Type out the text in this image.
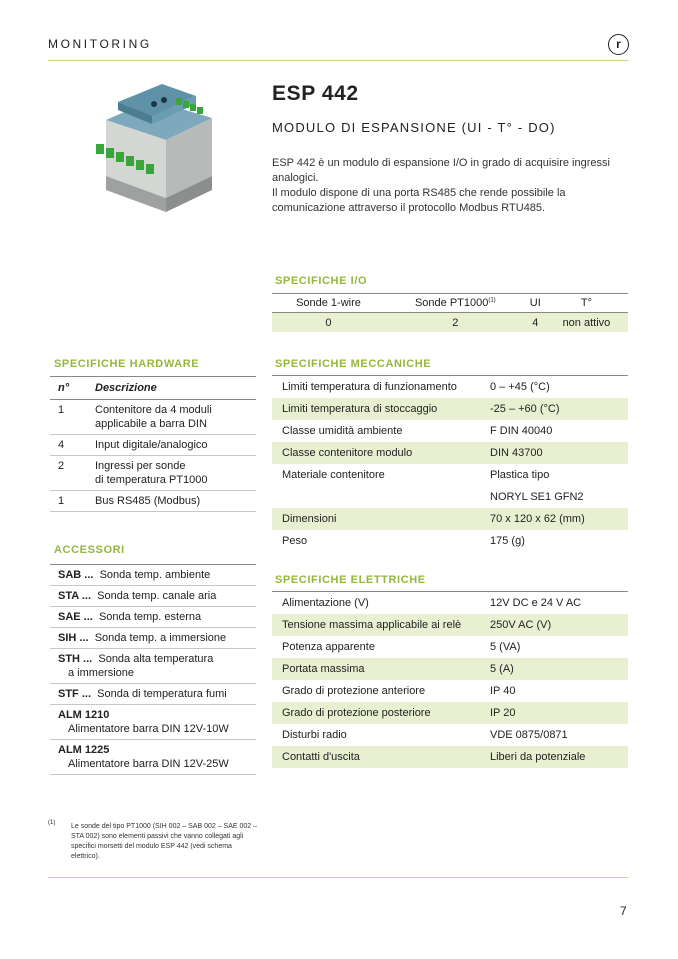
MONITORING	r
ESP 442
MODULO DI ESPANSIONE (UI - T° - DO)

ESP 442 è un modulo di espansione I/O in grado di acquisire ingressi analogici.

Il modulo dispone di una porta RS485 che rende possibile la comunicazione attraverso il protocollo Modbus RTU485.

SPECIFICHE I/O
Sonde 1-wire	Sonde PT1000$^{(1)}$	UI	T°
0	2	4	non attivo
SPECIFICHE HARDWARE
n°	Descrizione
1	Contenitore da 4 moduli
applicabile a barra DIN
4	Input digitale/analogico
2	Ingressi per sonde
di temperatura PT1000
1	Bus RS485 (Modbus)
ACCESSORI
SAB ... Sonda temp. ambiente
STA ... Sonda temp. canale aria
SAE ... Sonda temp. esterna
SIH ... Sonda temp. a immersione
STH ... Sonda alta temperatura
a immersione
STF ... Sonda di temperatura fumi
ALM 1210
Alimentatore barra DIN 12V-10W
ALM 1225
Alimentatore barra DIN 12V-25W
SPECIFICHE MECCANICHE
Limiti temperatura di funzionamento	0 – +45 (°C)
Limiti temperatura di stoccaggio	-25 – +60 (°C)
Classe umidità ambiente	F DIN 40040
Classe contenitore modulo	DIN 43700
Materiale contenitore	Plastica tipo
NORYL SE1 GFN2
Dimensioni	70 x 120 x 62 (mm)
Peso	175 (g)
SPECIFICHE ELETTRICHE
Alimentazione (V)	12V DC e 24 V AC
Tensione massima applicabile ai relè	250V AC (V)
Potenza apparente	5 (VA)
Portata massima	5 (A)
Grado di protezione anteriore	IP 40
Grado di protezione posteriore	IP 20
Disturbi radio	VDE 0875/0871
Contatti d'uscita	Liberi da potenziale
(1) Le sonde del tipo PT1000 (SIH 002 – SAB 002 – SAE 002 – STA 002) sono elementi passivi che vanno collegati agli specifici morsetti del modulo ESP 442 (vedi schema elettrico).
7
